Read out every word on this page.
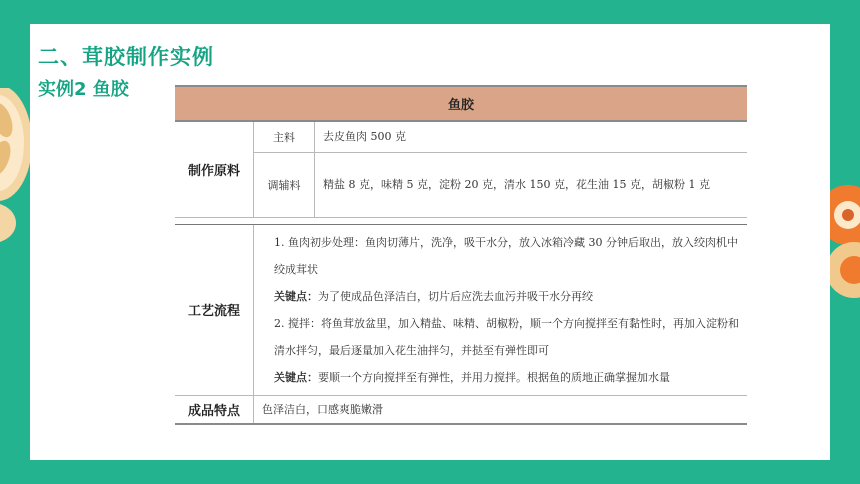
二、茸胶制作实例
实例2 鱼胶
鱼胶		
制作原料	主料	去皮鱼肉 500 克
	调辅料	精盐 8 克，味精 5 克，淀粉 20 克，清水 150 克，花生油 15 克，胡椒粉 1 克

工艺流程	1. 鱼肉初步处理：鱼肉切薄片，洗净，吸干水分，放入冰箱冷藏 30 分钟后取出，放入绞肉机中绞成茸状

关键点：为了使成品色泽洁白，切片后应洗去血污并吸干水分再绞

2. 搅拌：将鱼茸放盆里，加入精盐、味精、胡椒粉，顺一个方向搅拌至有黏性时，再加入淀粉和清水拌匀，最后逐量加入花生油拌匀，并挞至有弹性即可

关键点：要顺一个方向搅拌至有弹性，并用力搅拌。根据鱼的质地正确掌握加水量	

成品特点	色泽洁白，口感爽脆嫩滑	
